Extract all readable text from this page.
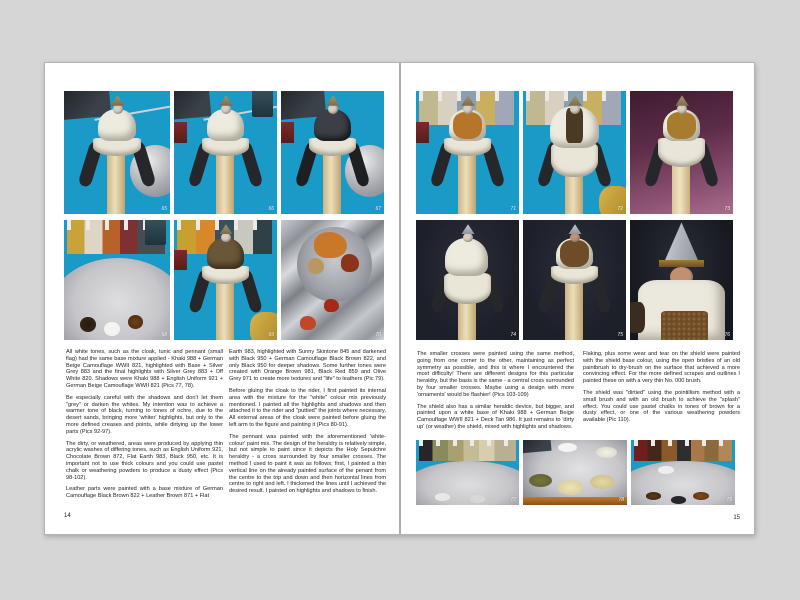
65	66	67
68	69	70

All white tones, such as the cloak, tunic and pennant (small flag) had the same base mixture applied - Khaki 988 + German Beige Camouflage WWII 821, highlighted with Base + Silver Grey 883 and the final highlights with Silver Grey 883 + Off White 820. Shadows were Khaki 988 + English Uniform 921 + German Beige Camouflage WWII 821 (Pics 77, 78).

Be especially careful with the shadows and don't let them "grey" or darken the whites. My intention was to achieve a warmer tone of black, turning to tones of ochre, due to the desert sands, bringing more 'whiter' highlights, but only to the more defined creases and points, while dirtying up the lower parts (Pics 92-97).

The dirty, or weathered, areas were produced by applying thin acrylic washes of differing tones, such as English Uniform 921, Chocolate Brown 872, Flat Earth 983, Black 950, etc. It is important not to use thick colours and you could use pastel chalk or weathering powders to produce a dusty effect (Pics 98-102).

Leather parts were painted with a base mixture of German Camouflage Black Brown 822 + Leather Brown 871 + Flat

Earth 983, highlighted with Sunny Skintone 845 and darkened with Black 950 + German Camouflage Black Brown 822, and only Black 950 for deeper shadows. Some further tones were created with Orange Brown 981, Black Red 859 and Olive Grey 971 to create more textures and "life" to leathers (Pic 79).

Before gluing the cloak to the rider, I first painted its internal area with the mixture for the "white" colour mix previously mentioned. I painted all the highlights and shadows and then attached it to the rider and "puttied" the joints where necessary. All external areas of the cloak were painted before gluing the left arm to the figure and painting it (Pics 80-91).

The pennant was painted with the aforementioned 'white-colour' paint mix. The design of the heraldry is relatively simple, but not simple to paint since it depicts the Holy Sepulchre heraldry - a cross surrounded by four smaller crosses. The method I used to paint it was as follows; first, I painted a thin vertical line on the already painted surface of the penant from the centre to the top and down and then horizontal lines from centre to right and left. I thickened the lines until I achieved the desired result. I painted on highlights and shadows to finish.

14
71	72	73
74	75	76

The smaller crosses were painted using the same method, going from one corner to the other, maintaining as perfect symmetry as possible, and this is where I encountered the most difficulty! There are different designs for this particular heraldry, but the basis is the same - a central cross surrounded by four smaller crosses. Maybe using a design with more 'ornaments' would be flashier! (Pics 103-109)

The shield also has a similar heraldic device, but bigger, and painted upon a white base of Khaki 988 + German Beige Camouflage WWII 821 + Deck Tan 986. It just remains to 'dirty up' (or weather) the shield, mixed with highlights and shadows.

Flaking, plus some wear and tear on the shield were painted with the shield base colour, using the open bristles of an old paintbrush to dry-brush on the surface that achieved a more convincing effect. For the more defined scrapes and outlines I painted these on with a very thin No. 000 brush.

The shield was "dirtied" using the pointillism method with a small brush and with an old brush to achieve the "splash" effect. You could use pastel chalks in tones of brown for a dusty effect, or one of the various weathering powders available (Pic 110).

77	78	79
15
